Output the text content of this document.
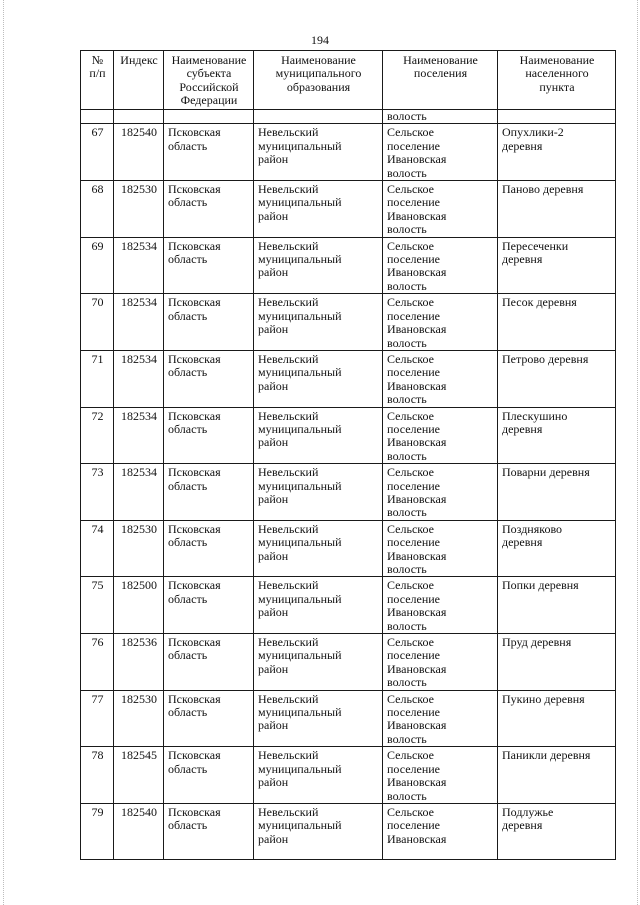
194
№
п/п	Индекс	Наименование
субъекта
Российской
Федерации	Наименование
муниципального
образования	Наименование
поселения	Наименование
населенного
пункта
				волость	
67	182540	Псковская
область	Невельский
муниципальный
район	Сельское
поселение
Ивановская
волость	Опухлики-2
деревня
68	182530	Псковская
область	Невельский
муниципальный
район	Сельское
поселение
Ивановская
волость	Паново деревня
69	182534	Псковская
область	Невельский
муниципальный
район	Сельское
поселение
Ивановская
волость	Пересеченки
деревня
70	182534	Псковская
область	Невельский
муниципальный
район	Сельское
поселение
Ивановская
волость	Песок деревня
71	182534	Псковская
область	Невельский
муниципальный
район	Сельское
поселение
Ивановская
волость	Петрово деревня
72	182534	Псковская
область	Невельский
муниципальный
район	Сельское
поселение
Ивановская
волость	Плескушино
деревня
73	182534	Псковская
область	Невельский
муниципальный
район	Сельское
поселение
Ивановская
волость	Поварни деревня
74	182530	Псковская
область	Невельский
муниципальный
район	Сельское
поселение
Ивановская
волость	Поздняково
деревня
75	182500	Псковская
область	Невельский
муниципальный
район	Сельское
поселение
Ивановская
волость	Попки деревня
76	182536	Псковская
область	Невельский
муниципальный
район	Сельское
поселение
Ивановская
волость	Пруд деревня
77	182530	Псковская
область	Невельский
муниципальный
район	Сельское
поселение
Ивановская
волость	Пукино деревня
78	182545	Псковская
область	Невельский
муниципальный
район	Сельское
поселение
Ивановская
волость	Паникли деревня
79	182540	Псковская
область	Невельский
муниципальный
район	Сельское
поселение
Ивановская	Подлужье
деревня
